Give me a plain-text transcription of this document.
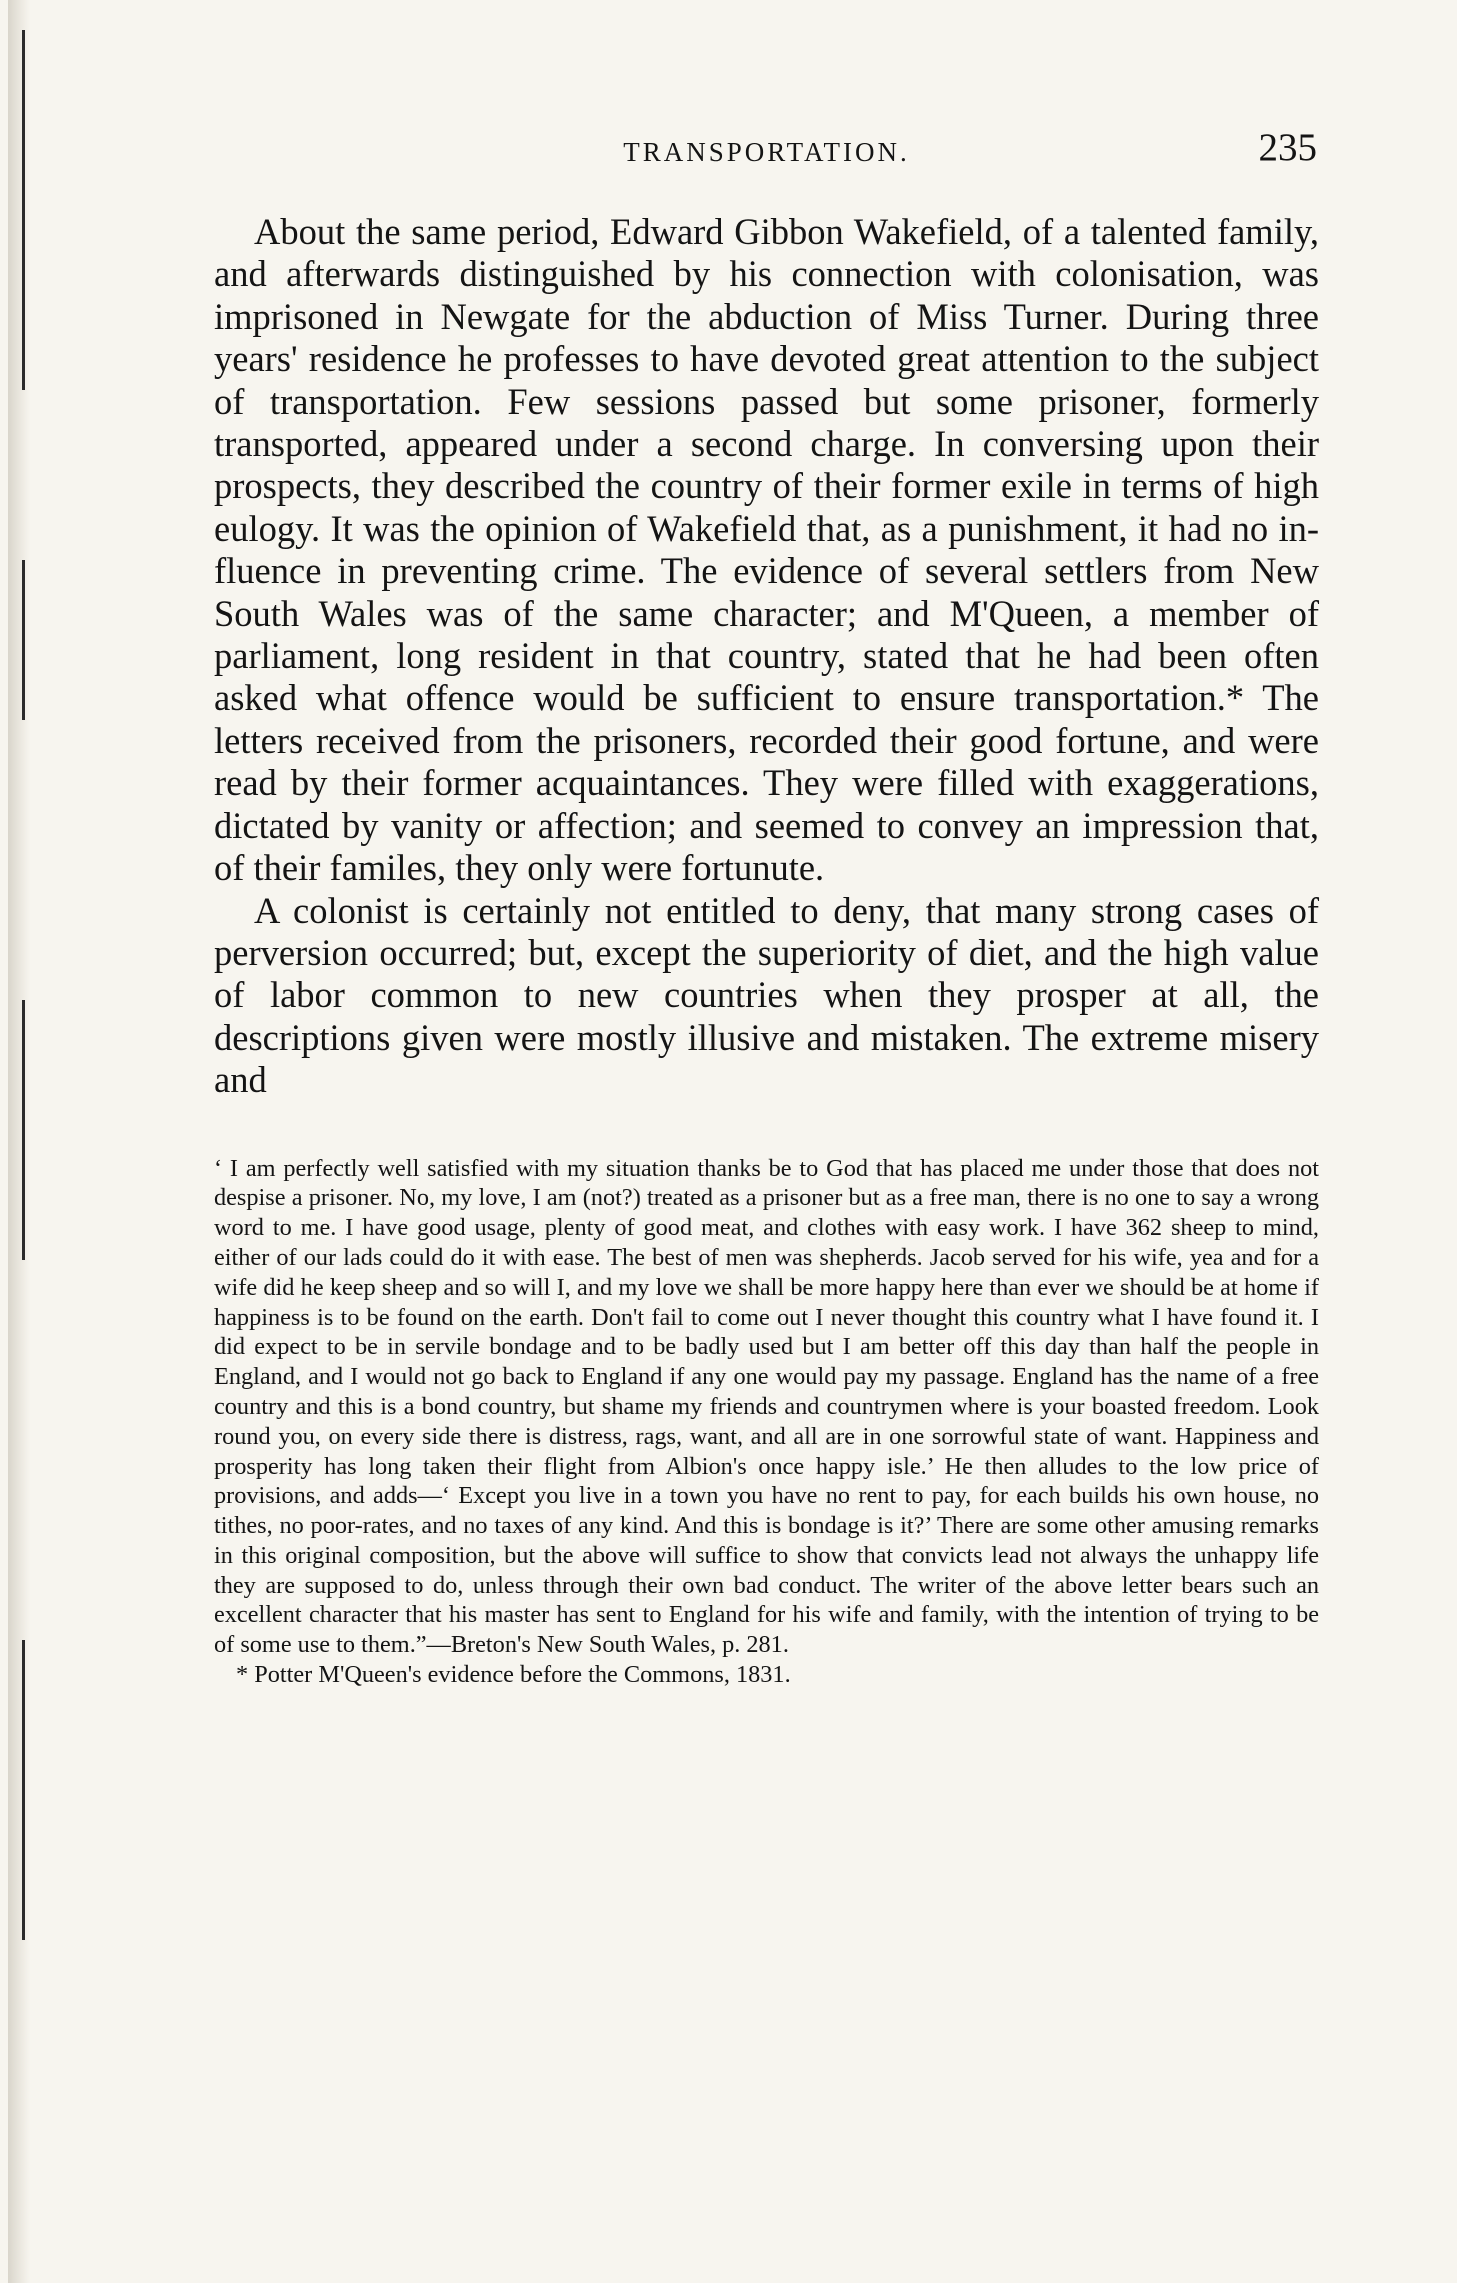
TRANSPORTATION.	235

About the same period, Edward Gibbon Wakefield, of a talented family, and afterwards distinguished by his connection with colonisation, was imprisoned in Newgate for the abduction of Miss Turner. During three years' residence he professes to have devoted great attention to the subject of transportation. Few sessions passed but some prisoner, formerly transported, appeared under a second charge. In conversing upon their prospects, they described the country of their former exile in terms of high eulogy. It was the opinion of Wakefield that, as a punishment, it had no influence in preventing crime. The evidence of several settlers from New South Wales was of the same character; and M'Queen, a member of parliament, long resident in that country, stated that he had been often asked what offence would be sufficient to ensure transportation.* The letters received from the prisoners, recorded their good fortune, and were read by their former acquaintances. They were filled with exaggerations, dictated by vanity or affection; and seemed to convey an impression that, of their familes, they only were fortunute.

A colonist is certainly not entitled to deny, that many strong cases of perversion occurred; but, except the superiority of diet, and the high value of labor common to new countries when they prosper at all, the descriptions given were mostly illusive and mistaken. The extreme misery and

‘ I am perfectly well satisfied with my situation thanks be to God that has placed me under those that does not despise a prisoner. No, my love, I am (not?) treated as a prisoner but as a free man, there is no one to say a wrong word to me. I have good usage, plenty of good meat, and clothes with easy work. I have 362 sheep to mind, either of our lads could do it with ease. The best of men was shepherds. Jacob served for his wife, yea and for a wife did he keep sheep and so will I, and my love we shall be more happy here than ever we should be at home if happiness is to be found on the earth. Don't fail to come out I never thought this country what I have found it. I did expect to be in servile bondage and to be badly used but I am better off this day than half the people in England, and I would not go back to England if any one would pay my passage. England has the name of a free country and this is a bond country, but shame my friends and countrymen where is your boasted freedom. Look round you, on every side there is distress, rags, want, and all are in one sorrowful state of want. Happiness and prosperity has long taken their flight from Albion's once happy isle.’ He then alludes to the low price of provisions, and adds—‘ Except you live in a town you have no rent to pay, for each builds his own house, no tithes, no poor-rates, and no taxes of any kind. And this is bondage is it?’ There are some other amusing remarks in this original composition, but the above will suffice to show that convicts lead not always the unhappy life they are supposed to do, unless through their own bad conduct. The writer of the above letter bears such an excellent character that his master has sent to England for his wife and family, with the intention of trying to be of some use to them.”—Breton's New South Wales, p. 281.

* Potter M'Queen's evidence before the Commons, 1831.
